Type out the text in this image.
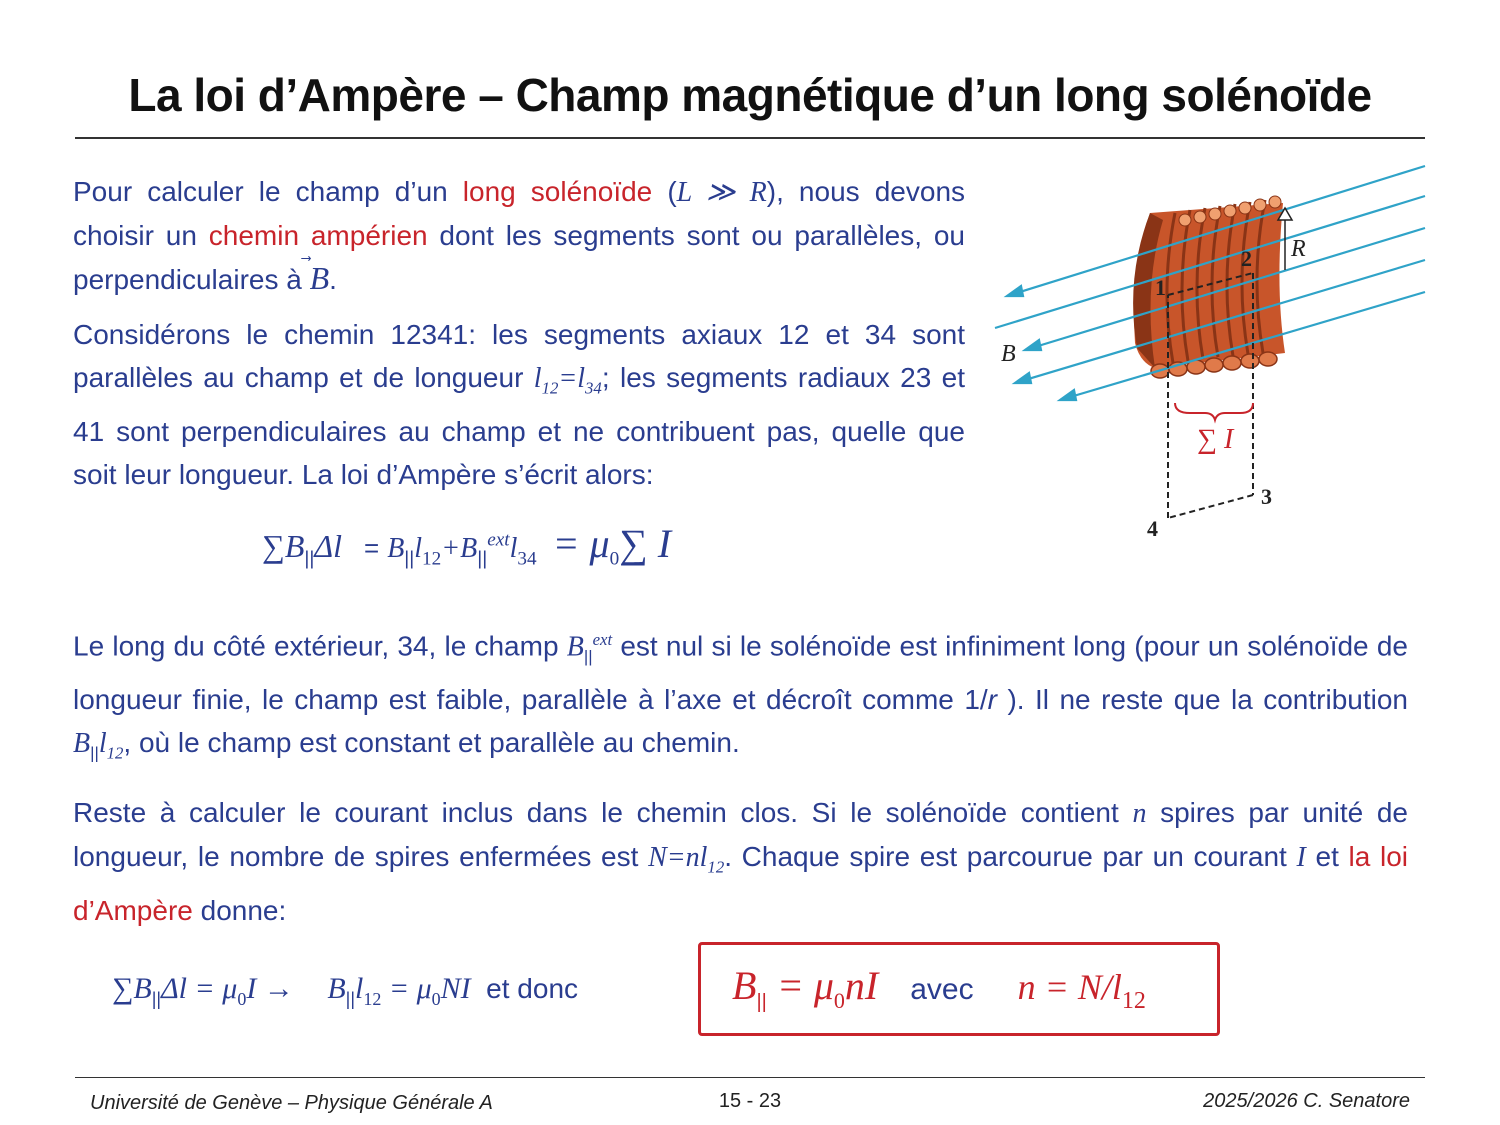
La loi d’Ampère – Champ magnétique d’un long solénoïde
Pour calculer le champ d’un long solénoïde (L ≫ R), nous devons choisir un chemin ampérien dont les segments sont ou parallèles, ou perpendiculaires à B
.
Considérons le chemin 12341: les segments axiaux 12 et 34 sont parallèles au champ et de longueur $l_{12}=l_{34}$; les segments radiaux 23 et 41 sont perpendiculaires au champ et ne contribuent pas, quelle que soit leur longueur. La loi d’Ampère s’écrit alors:
$\sum B_{||}\Delta l = B_{||}l_{12}+B_{||}^{ext}l_{34} = \mu_0\sum$ I
1
2
3
4
R
B
∑ I
Le long du côté extérieur, 34, le champ $B_{||}^{ext}$ est nul si le solénoïde est infiniment long (pour un solénoïde de longueur finie, le champ est faible, parallèle à l’axe et décroît comme 1/r ). Il ne reste que la contribution $B_{||}l_{12}$, où le champ est constant et parallèle au chemin.
Reste à calculer le courant inclus dans le chemin clos. Si le solénoïde contient n spires par unité de longueur, le nombre de spires enfermées est $N=nl_{12}$. Chaque spire est parcourue par un courant I et la loi d’Ampère donne:
$\sum B_{||}\Delta l = \mu_0I \to B_{||}l_{12} = \mu_0NI$ et donc	$B_{||} = \mu_0nI$ avec $n = N/l_{12}$
Université de Genève – Physique Générale A	15 - 23	2025/2026 C. Senatore
